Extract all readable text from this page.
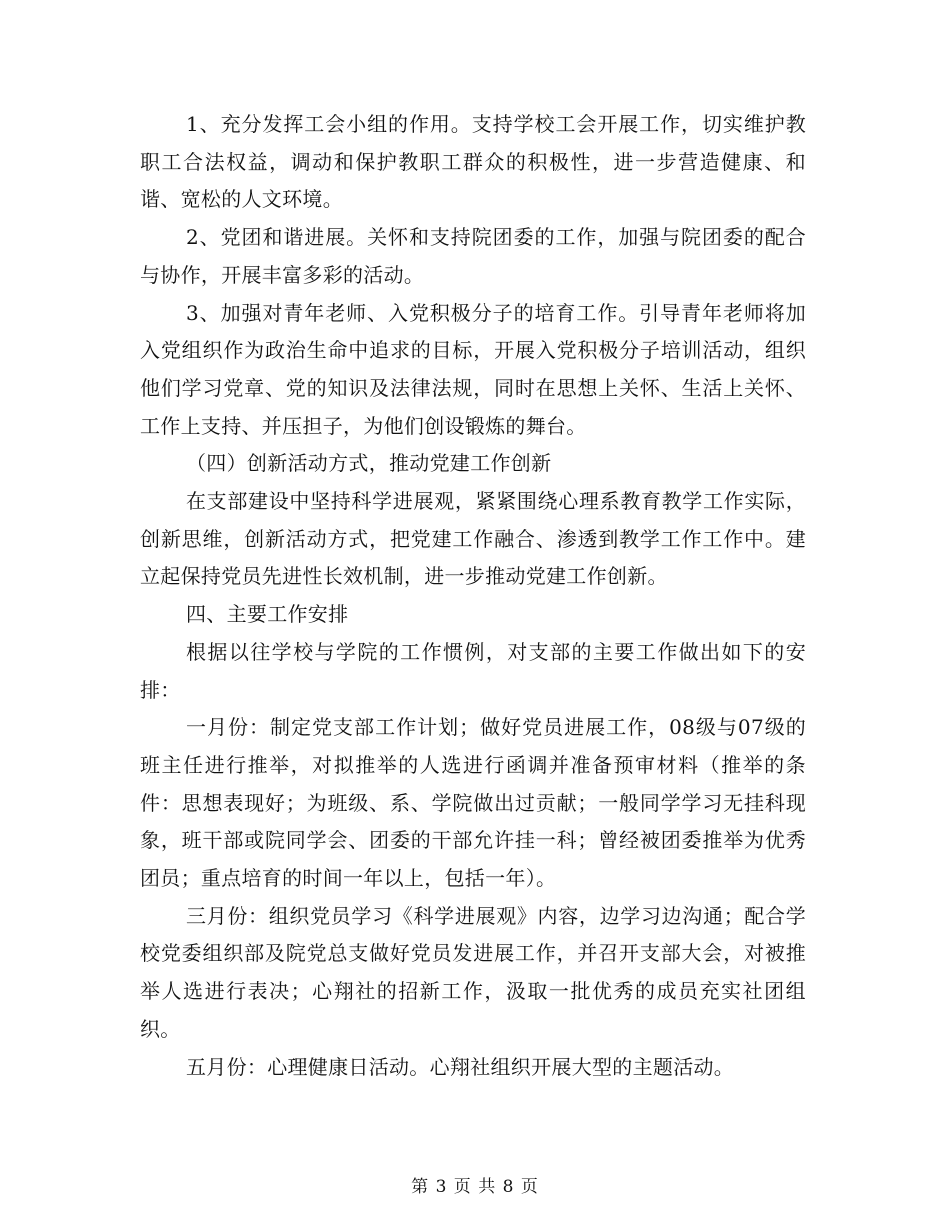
1、充分发挥工会小组的作用。支持学校工会开展工作，切实维护教职工合法权益，调动和保护教职工群众的积极性，进一步营造健康、和谐、宽松的人文环境。

2、党团和谐进展。关怀和支持院团委的工作，加强与院团委的配合与协作，开展丰富多彩的活动。

3、加强对青年老师、入党积极分子的培育工作。引导青年老师将加入党组织作为政治生命中追求的目标，开展入党积极分子培训活动，组织他们学习党章、党的知识及法律法规，同时在思想上关怀、生活上关怀、工作上支持、并压担子，为他们创设锻炼的舞台。

（四）创新活动方式，推动党建工作创新

在支部建设中坚持科学进展观，紧紧围绕心理系教育教学工作实际，创新思维，创新活动方式，把党建工作融合、渗透到教学工作工作中。建立起保持党员先进性长效机制，进一步推动党建工作创新。

四、主要工作安排

根据以往学校与学院的工作惯例，对支部的主要工作做出如下的安排：

一月份：制定党支部工作计划；做好党员进展工作，08级与07级的班主任进行推举，对拟推举的人选进行函调并准备预审材料（推举的条件：思想表现好；为班级、系、学院做出过贡献；一般同学学习无挂科现象，班干部或院同学会、团委的干部允许挂一科；曾经被团委推举为优秀团员；重点培育的时间一年以上，包括一年）。

三月份：组织党员学习《科学进展观》内容，边学习边沟通；配合学校党委组织部及院党总支做好党员发进展工作，并召开支部大会，对被推举人选进行表决；心翔社的招新工作，汲取一批优秀的成员充实社团组织。

五月份：心理健康日活动。心翔社组织开展大型的主题活动。

第 3 页 共 8 页
